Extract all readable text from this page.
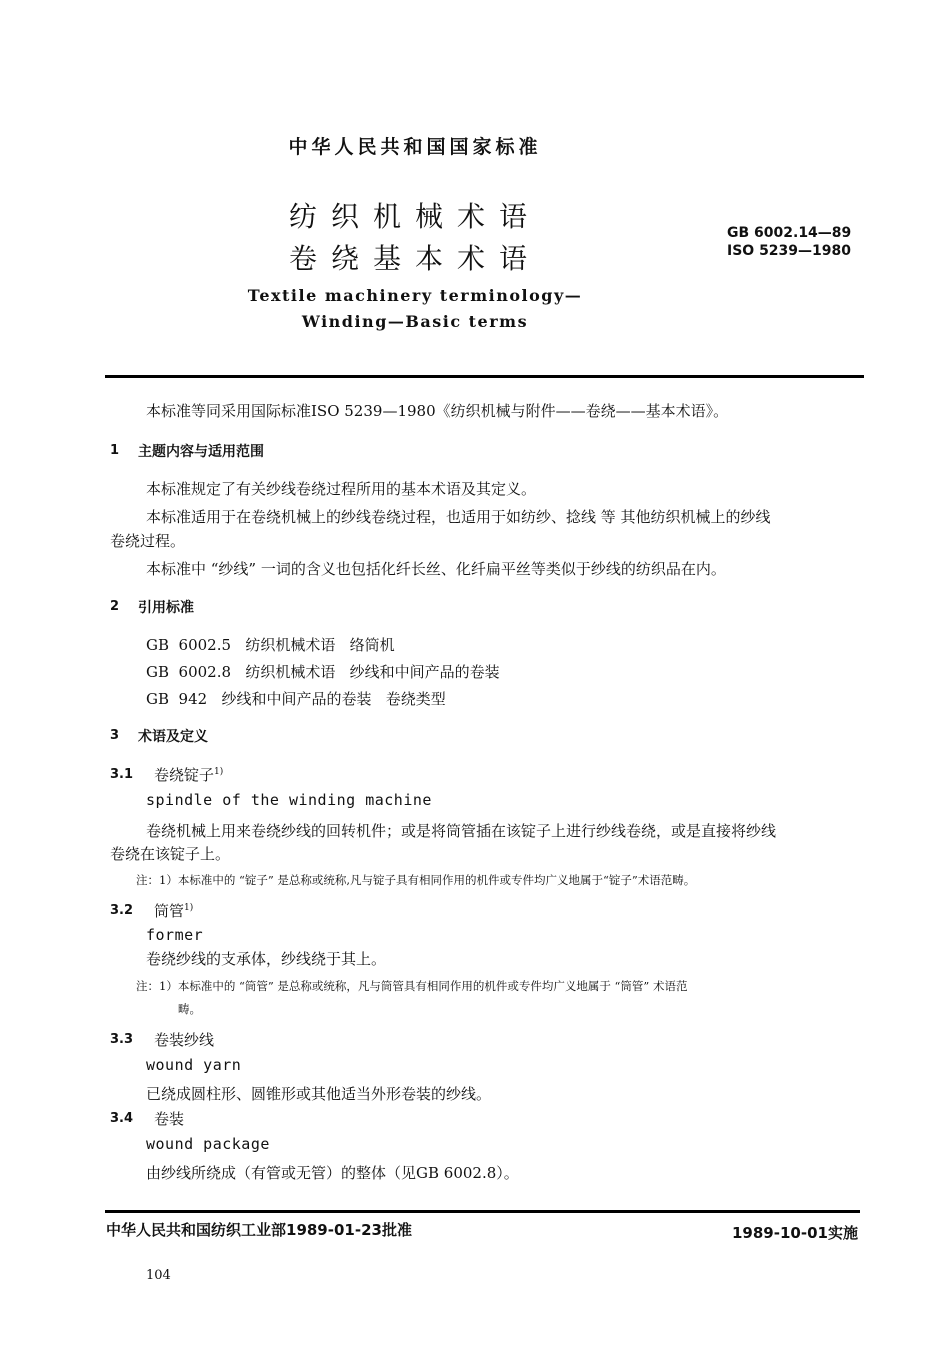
中华人民共和国国家标准
纺织机械术语
卷绕基本术语
GB 6002.14—89
ISO 5239—1980
Textile machinery terminology—
Winding—Basic terms
本标准等同采用国际标准ISO 5239—1980《纺织机械与附件——卷绕——基本术语》。
1 主题内容与适用范围
本标准规定了有关纱线卷绕过程所用的基本术语及其定义。
本标准适用于在卷绕机械上的纱线卷绕过程，也适用于如纺纱、捻线 等 其他纺织机械上的纱线
卷绕过程。
本标准中 “纱线” 一词的含义也包括化纤长丝、化纤扁平丝等类似于纱线的纺织品在内。
2 引用标准
GB  6002.5   纺织机械术语   络筒机
GB  6002.8   纺织机械术语   纱线和中间产品的卷装
GB  942   纱线和中间产品的卷装   卷绕类型
3 术语及定义
3.1 卷绕锭子$^{1)}$
spindle of the winding machine
卷绕机械上用来卷绕纱线的回转机件；或是将筒管插在该锭子上进行纱线卷绕，或是直接将纱线
卷绕在该锭子上。
注：1）本标准中的 “锭子” 是总称或统称,凡与锭子具有相同作用的机件或专件均广义地属于“锭子”术语范畴。
3.2 筒管$^{1)}$
former
卷绕纱线的支承体，纱线绕于其上。
注：1）本标准中的 “筒管” 是总称或统称，凡与筒管具有相同作用的机件或专件均广义地属于 “筒管” 术语范
畴。
3.3 卷装纱线
wound yarn
已绕成圆柱形、圆锥形或其他适当外形卷装的纱线。
3.4 卷装
wound package
由纱线所绕成（有管或无管）的整体（见GB 6002.8）。
中华人民共和国纺织工业部1989-01-23批准	1989-10-01实施
104
